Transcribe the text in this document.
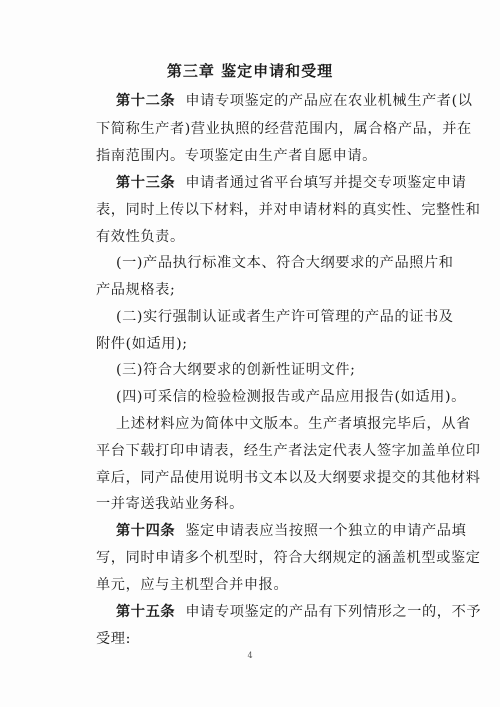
第三章 鉴定申请和受理
第十二条 申请专项鉴定的产品应在农业机械生产者(以
下简称生产者)营业执照的经营范围内，属合格产品，并在
指南范围内。专项鉴定由生产者自愿申请。
第十三条 申请者通过省平台填写并提交专项鉴定申请
表，同时上传以下材料，并对申请材料的真实性、完整性和
有效性负责。
(一)产品执行标准文本、符合大纲要求的产品照片和
产品规格表;
(二)实行强制认证或者生产许可管理的产品的证书及
附件(如适用);
(三)符合大纲要求的创新性证明文件;
(四)可采信的检验检测报告或产品应用报告(如适用)。
上述材料应为简体中文版本。生产者填报完毕后，从省
平台下载打印申请表，经生产者法定代表人签字加盖单位印
章后，同产品使用说明书文本以及大纲要求提交的其他材料
一并寄送我站业务科。
第十四条 鉴定申请表应当按照一个独立的申请产品填
写，同时申请多个机型时，符合大纲规定的涵盖机型或鉴定
单元，应与主机型合并申报。
第十五条 申请专项鉴定的产品有下列情形之一的，不予
受理:
4
